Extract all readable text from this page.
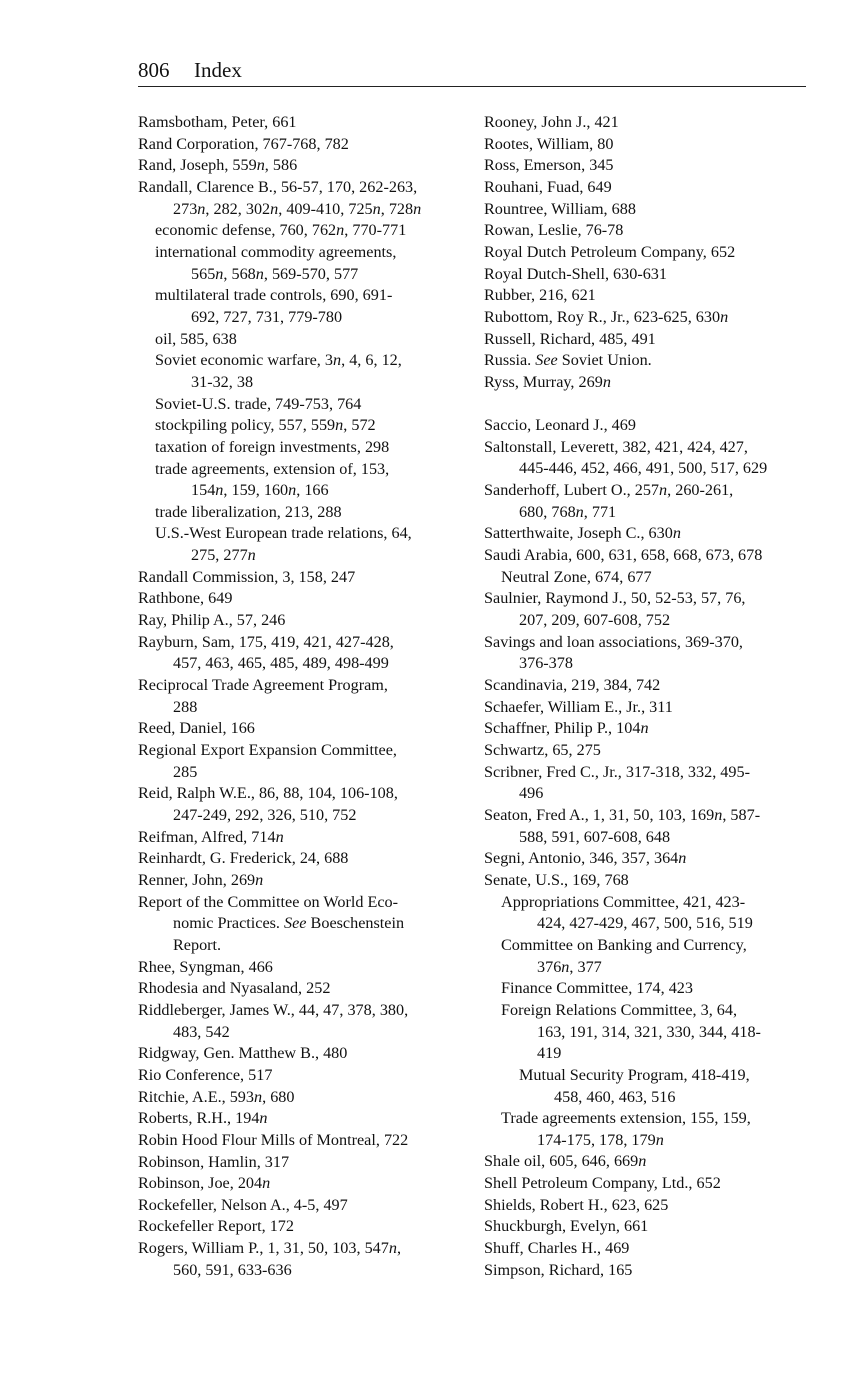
806 Index
Ramsbotham, Peter, 661
Rand Corporation, 767-768, 782
Rand, Joseph, 559n, 586
Randall, Clarence B., 56-57, 170, 262-263,
273n, 282, 302n, 409-410, 725n, 728n
economic defense, 760, 762n, 770-771
international commodity agreements,
565n, 568n, 569-570, 577
multilateral trade controls, 690, 691-
692, 727, 731, 779-780
oil, 585, 638
Soviet economic warfare, 3n, 4, 6, 12,
31-32, 38
Soviet-U.S. trade, 749-753, 764
stockpiling policy, 557, 559n, 572
taxation of foreign investments, 298
trade agreements, extension of, 153,
154n, 159, 160n, 166
trade liberalization, 213, 288
U.S.-West European trade relations, 64,
275, 277n
Randall Commission, 3, 158, 247
Rathbone, 649
Ray, Philip A., 57, 246
Rayburn, Sam, 175, 419, 421, 427-428,
457, 463, 465, 485, 489, 498-499
Reciprocal Trade Agreement Program,
288
Reed, Daniel, 166
Regional Export Expansion Committee,
285
Reid, Ralph W.E., 86, 88, 104, 106-108,
247-249, 292, 326, 510, 752
Reifman, Alfred, 714n
Reinhardt, G. Frederick, 24, 688
Renner, John, 269n
Report of the Committee on World Eco-
nomic Practices. See Boeschenstein
Report.
Rhee, Syngman, 466
Rhodesia and Nyasaland, 252
Riddleberger, James W., 44, 47, 378, 380,
483, 542
Ridgway, Gen. Matthew B., 480
Rio Conference, 517
Ritchie, A.E., 593n, 680
Roberts, R.H., 194n
Robin Hood Flour Mills of Montreal, 722
Robinson, Hamlin, 317
Robinson, Joe, 204n
Rockefeller, Nelson A., 4-5, 497
Rockefeller Report, 172
Rogers, William P., 1, 31, 50, 103, 547n,
560, 591, 633-636
Rooney, John J., 421
Rootes, William, 80
Ross, Emerson, 345
Rouhani, Fuad, 649
Rountree, William, 688
Rowan, Leslie, 76-78
Royal Dutch Petroleum Company, 652
Royal Dutch-Shell, 630-631
Rubber, 216, 621
Rubottom, Roy R., Jr., 623-625, 630n
Russell, Richard, 485, 491
Russia. See Soviet Union.
Ryss, Murray, 269n
Saccio, Leonard J., 469
Saltonstall, Leverett, 382, 421, 424, 427,
445-446, 452, 466, 491, 500, 517, 629
Sanderhoff, Lubert O., 257n, 260-261,
680, 768n, 771
Satterthwaite, Joseph C., 630n
Saudi Arabia, 600, 631, 658, 668, 673, 678
Neutral Zone, 674, 677
Saulnier, Raymond J., 50, 52-53, 57, 76,
207, 209, 607-608, 752
Savings and loan associations, 369-370,
376-378
Scandinavia, 219, 384, 742
Schaefer, William E., Jr., 311
Schaffner, Philip P., 104n
Schwartz, 65, 275
Scribner, Fred C., Jr., 317-318, 332, 495-
496
Seaton, Fred A., 1, 31, 50, 103, 169n, 587-
588, 591, 607-608, 648
Segni, Antonio, 346, 357, 364n
Senate, U.S., 169, 768
Appropriations Committee, 421, 423-
424, 427-429, 467, 500, 516, 519
Committee on Banking and Currency,
376n, 377
Finance Committee, 174, 423
Foreign Relations Committee, 3, 64,
163, 191, 314, 321, 330, 344, 418-
419
Mutual Security Program, 418-419,
458, 460, 463, 516
Trade agreements extension, 155, 159,
174-175, 178, 179n
Shale oil, 605, 646, 669n
Shell Petroleum Company, Ltd., 652
Shields, Robert H., 623, 625
Shuckburgh, Evelyn, 661
Shuff, Charles H., 469
Simpson, Richard, 165
